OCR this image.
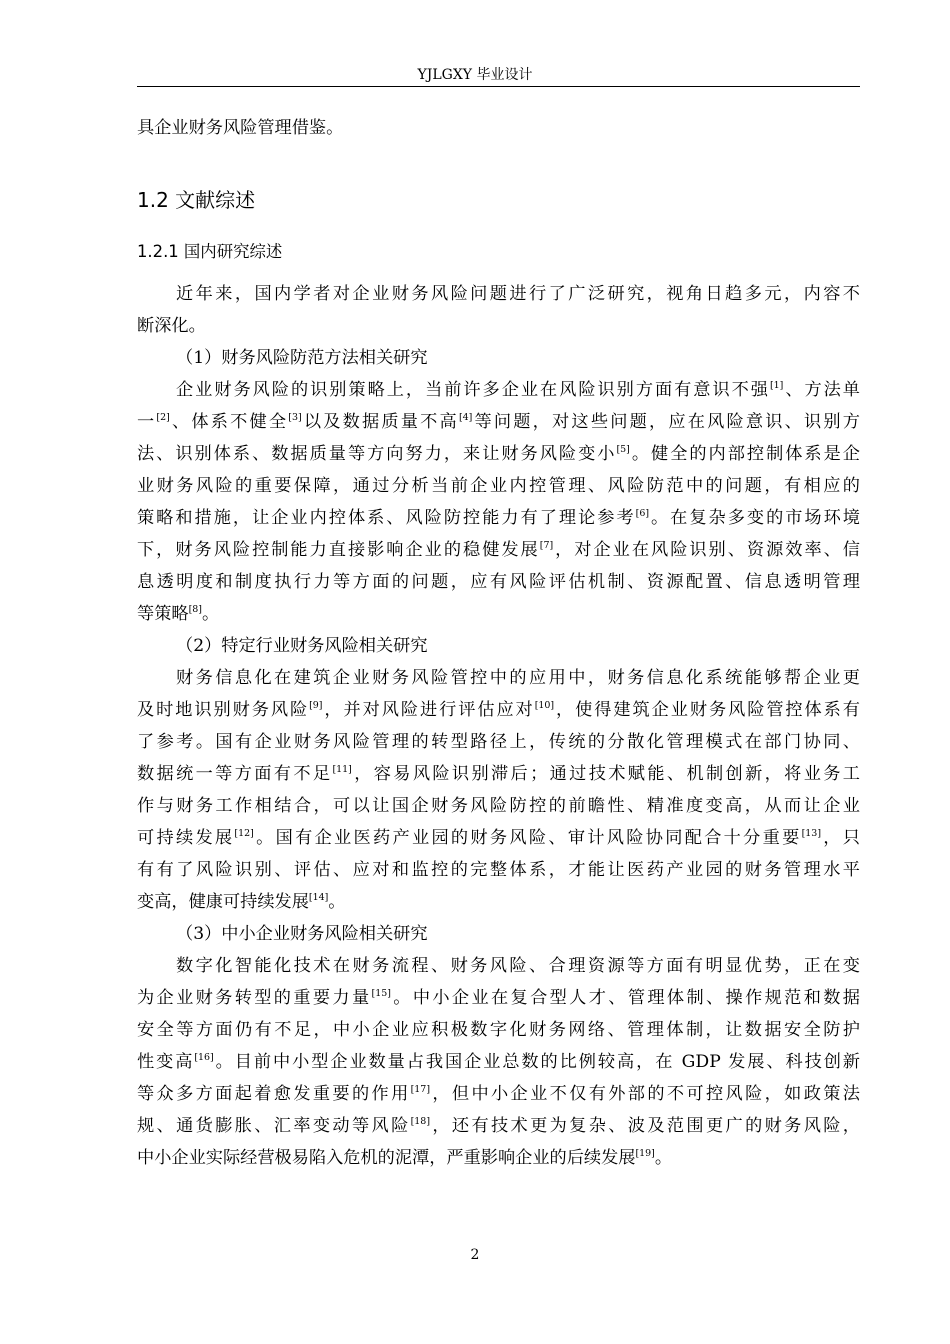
YJLGXY 毕业设计

具企业财务风险管理借鉴。

1.2 文献综述
1.2.1 国内研究综述

近年来，国内学者对企业财务风险问题进行了广泛研究，视角日趋多元，内容不

断深化。

（1）财务风险防范方法相关研究

企业财务风险的识别策略上，当前许多企业在风险识别方面有意识不强[1]、方法单

一[2]、体系不健全[3]以及数据质量不高[4]等问题，对这些问题，应在风险意识、识别方

法、识别体系、数据质量等方向努力，来让财务风险变小[5]。健全的内部控制体系是企

业财务风险的重要保障，通过分析当前企业内控管理、风险防范中的问题，有相应的

策略和措施，让企业内控体系、风险防控能力有了理论参考[6]。在复杂多变的市场环境

下，财务风险控制能力直接影响企业的稳健发展[7]，对企业在风险识别、资源效率、信

息透明度和制度执行力等方面的问题，应有风险评估机制、资源配置、信息透明管理

等策略[8]。

（2）特定行业财务风险相关研究

财务信息化在建筑企业财务风险管控中的应用中，财务信息化系统能够帮企业更

及时地识别财务风险[9]，并对风险进行评估应对[10]，使得建筑企业财务风险管控体系有

了参考。国有企业财务风险管理的转型路径上，传统的分散化管理模式在部门协同、

数据统一等方面有不足[11]，容易风险识别滞后；通过技术赋能、机制创新，将业务工

作与财务工作相结合，可以让国企财务风险防控的前瞻性、精准度变高，从而让企业

可持续发展[12]。国有企业医药产业园的财务风险、审计风险协同配合十分重要[13]，只

有有了风险识别、评估、应对和监控的完整体系，才能让医药产业园的财务管理水平

变高，健康可持续发展[14]。

（3）中小企业财务风险相关研究

数字化智能化技术在财务流程、财务风险、合理资源等方面有明显优势，正在变

为企业财务转型的重要力量[15]。中小企业在复合型人才、管理体制、操作规范和数据

安全等方面仍有不足，中小企业应积极数字化财务网络、管理体制，让数据安全防护

性变高[16]。目前中小型企业数量占我国企业总数的比例较高，在 GDP 发展、科技创新

等众多方面起着愈发重要的作用[17]，但中小企业不仅有外部的不可控风险，如政策法

规、通货膨胀、汇率变动等风险[18]，还有技术更为复杂、波及范围更广的财务风险，

中小企业实际经营极易陷入危机的泥潭，严重影响企业的后续发展[19]。

2
